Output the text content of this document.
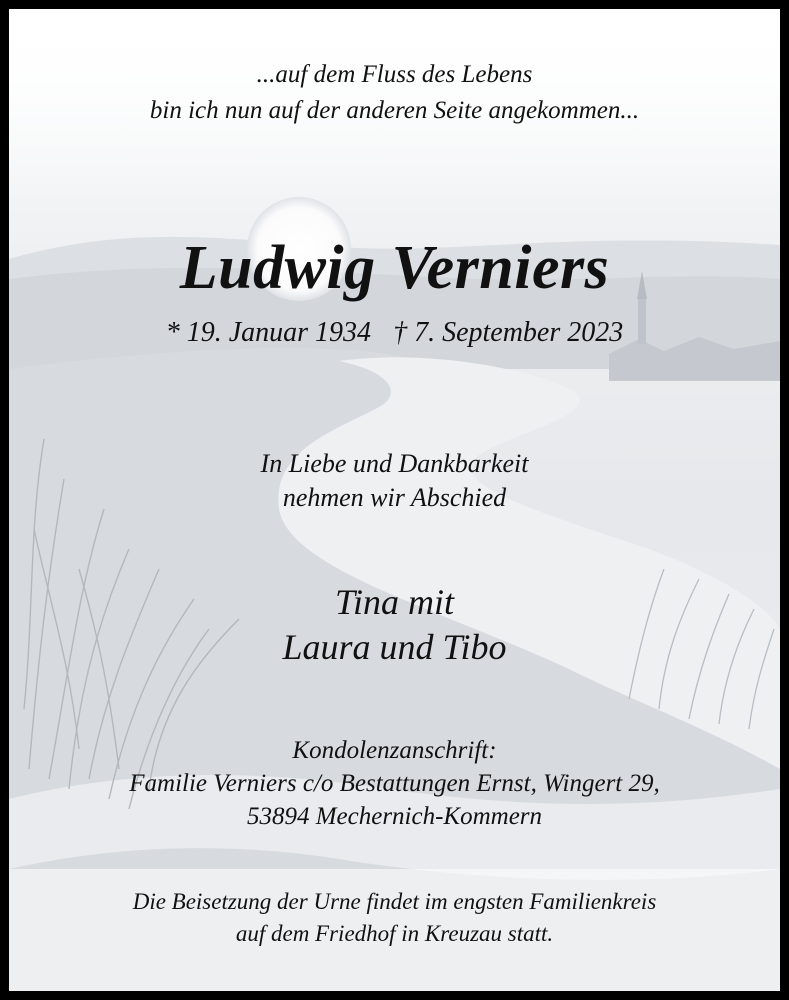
...auf dem Fluss des Lebens
bin ich nun auf der anderen Seite angekommen...
Ludwig Verniers
* 19. Januar 1934 † 7. September 2023
In Liebe und Dankbarkeit
nehmen wir Abschied
Tina mit
Laura und Tibo
Kondolenzanschrift:
Familie Verniers c/o Bestattungen Ernst, Wingert 29,
53894 Mechernich-Kommern
Die Beisetzung der Urne findet im engsten Familienkreis
auf dem Friedhof in Kreuzau statt.
